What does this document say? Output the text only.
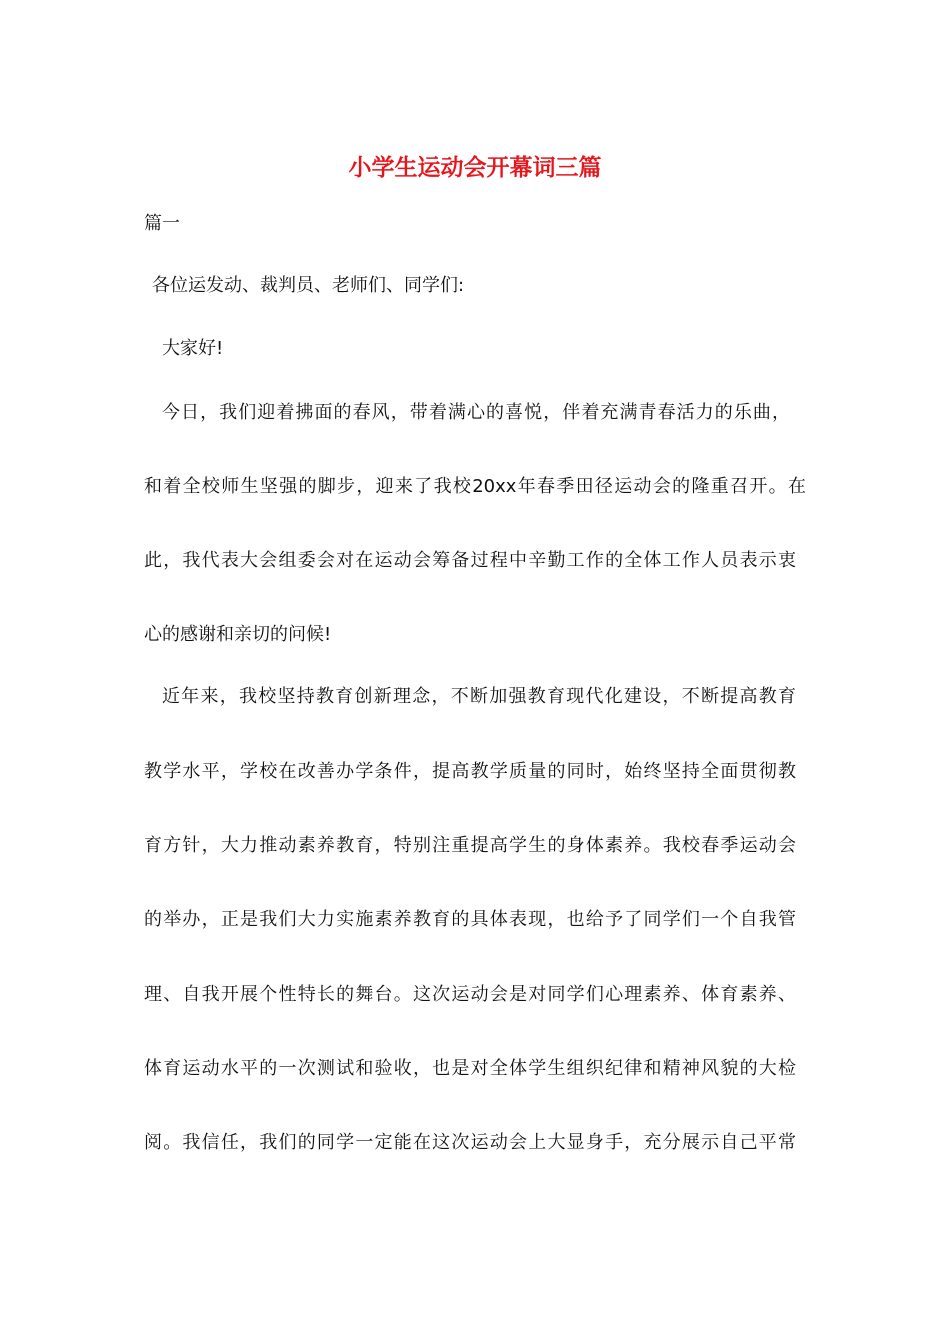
小学生运动会开幕词三篇
篇一
各位运发动、裁判员、老师们、同学们:
大家好!
今日，我们迎着拂面的春风，带着满心的喜悦，伴着充满青春活力的乐曲，
和着全校师生坚强的脚步，迎来了我校20xx年春季田径运动会的隆重召开。在
此，我代表大会组委会对在运动会筹备过程中辛勤工作的全体工作人员表示衷
心的感谢和亲切的问候!
近年来，我校坚持教育创新理念，不断加强教育现代化建设，不断提高教育
教学水平，学校在改善办学条件，提高教学质量的同时，始终坚持全面贯彻教
育方针，大力推动素养教育，特别注重提高学生的身体素养。我校春季运动会
的举办，正是我们大力实施素养教育的具体表现，也给予了同学们一个自我管
理、自我开展个性特长的舞台。这次运动会是对同学们心理素养、体育素养、
体育运动水平的一次测试和验收，也是对全体学生组织纪律和精神风貌的大检
阅。我信任，我们的同学一定能在这次运动会上大显身手，充分展示自己平常
